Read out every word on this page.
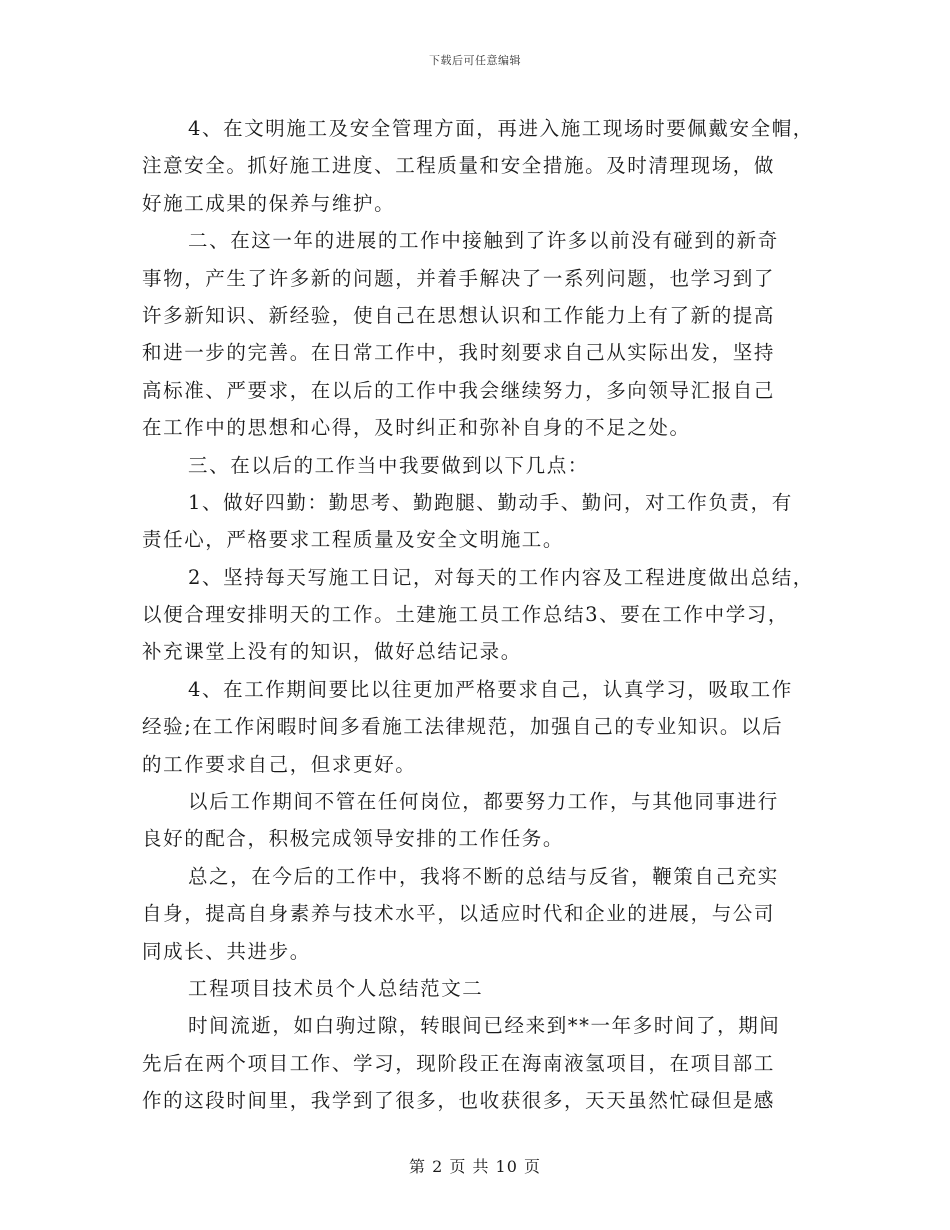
下载后可任意编辑
4、在文明施工及安全管理方面，再进入施工现场时要佩戴安全帽，
注意安全。抓好施工进度、工程质量和安全措施。及时清理现场，做
好施工成果的保养与维护。
二、在这一年的进展的工作中接触到了许多以前没有碰到的新奇
事物，产生了许多新的问题，并着手解决了一系列问题，也学习到了
许多新知识、新经验，使自己在思想认识和工作能力上有了新的提高
和进一步的完善。在日常工作中，我时刻要求自己从实际出发，坚持
高标准、严要求，在以后的工作中我会继续努力，多向领导汇报自己
在工作中的思想和心得，及时纠正和弥补自身的不足之处。
三、在以后的工作当中我要做到以下几点：
1、做好四勤：勤思考、勤跑腿、勤动手、勤问，对工作负责，有
责任心，严格要求工程质量及安全文明施工。
2、坚持每天写施工日记，对每天的工作内容及工程进度做出总结，
以便合理安排明天的工作。土建施工员工作总结3、要在工作中学习，
补充课堂上没有的知识，做好总结记录。
4、在工作期间要比以往更加严格要求自己，认真学习，吸取工作
经验;在工作闲暇时间多看施工法律规范，加强自己的专业知识。以后
的工作要求自己，但求更好。
以后工作期间不管在任何岗位，都要努力工作，与其他同事进行
良好的配合，积极完成领导安排的工作任务。
总之，在今后的工作中，我将不断的总结与反省，鞭策自己充实
自身，提高自身素养与技术水平，以适应时代和企业的进展，与公司
同成长、共进步。
工程项目技术员个人总结范文二
时间流逝，如白驹过隙，转眼间已经来到**一年多时间了，期间
先后在两个项目工作、学习，现阶段正在海南液氢项目，在项目部工
作的这段时间里，我学到了很多，也收获很多，天天虽然忙碌但是感
第 2 页 共 10 页
